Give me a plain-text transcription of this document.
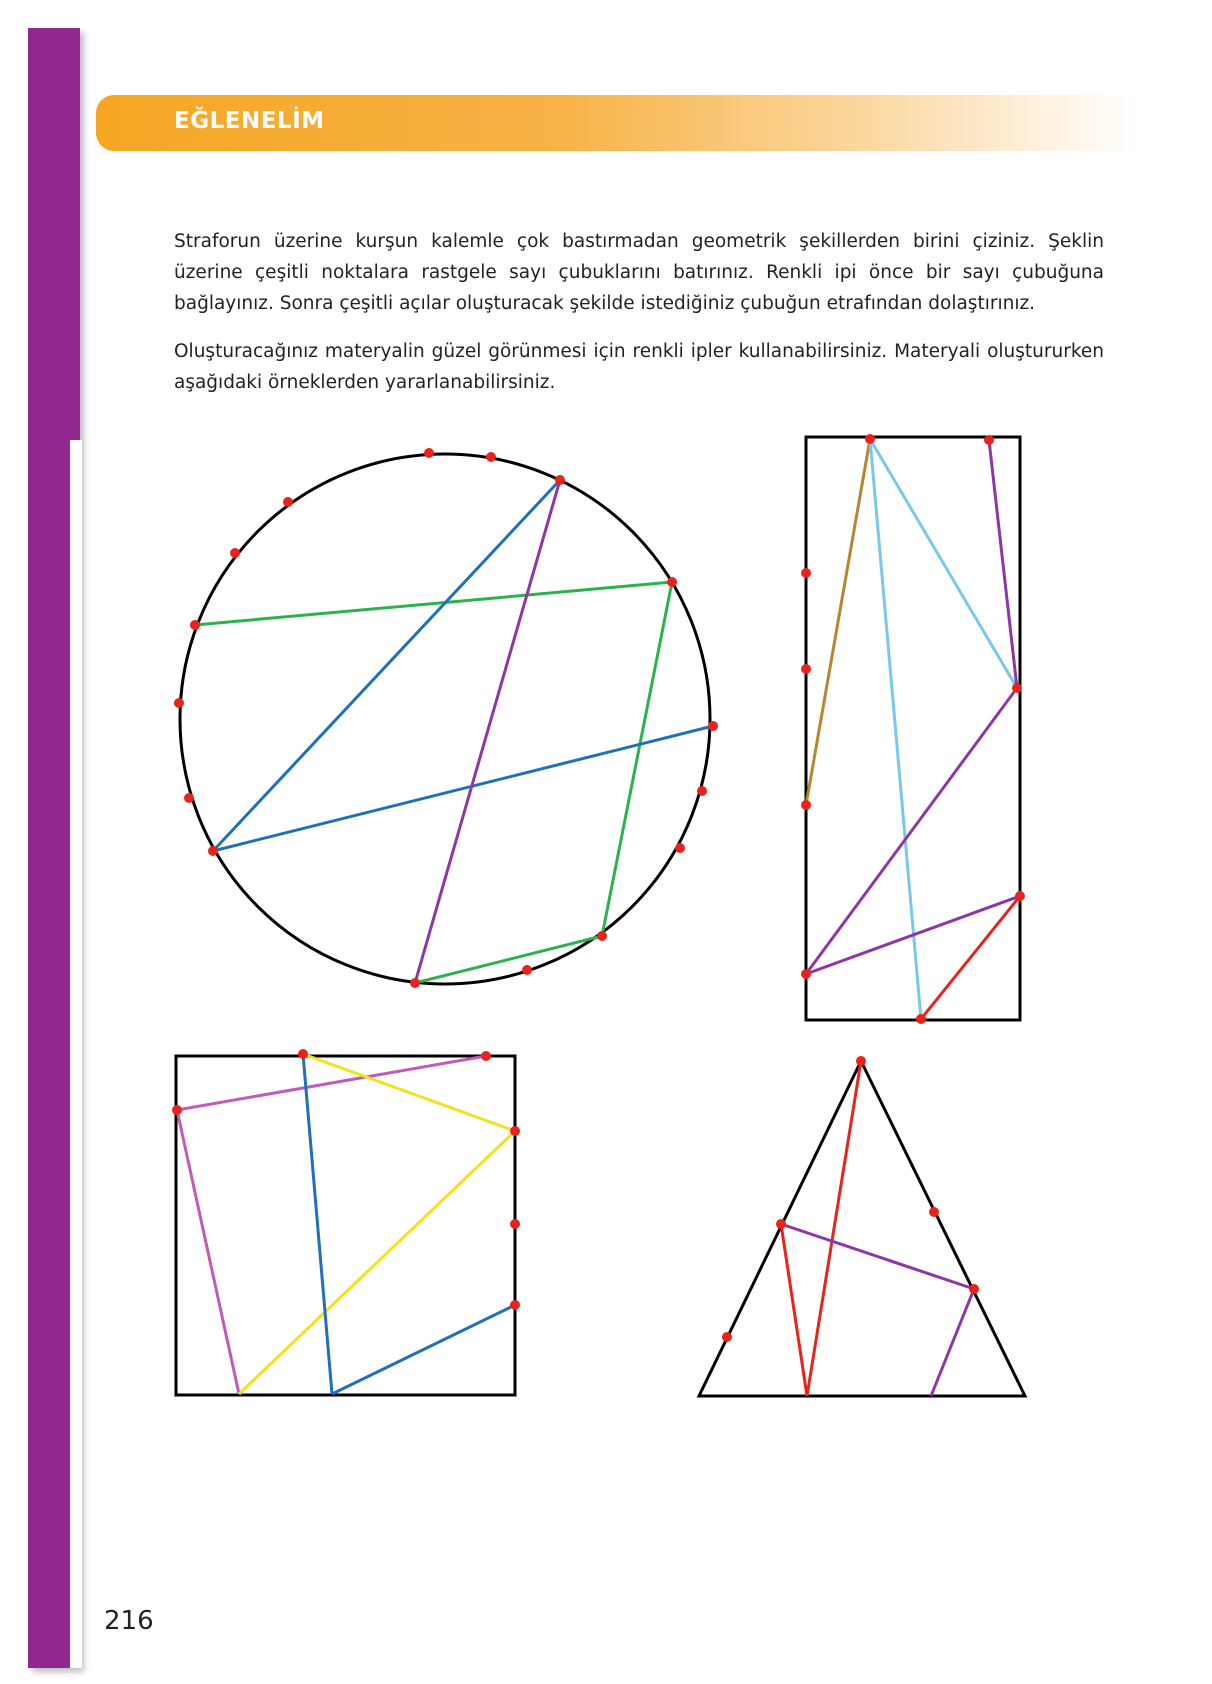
EĞLENELİM

Straforun üzerine kurşun kalemle çok bastırmadan geometrik şekillerden birini çiziniz. Şeklin üzerine çeşitli noktalara rastgele sayı çubuklarını batırınız. Renkli ipi önce bir sayı çubuğuna bağlayınız. Sonra çeşitli açılar oluşturacak şekilde istediğiniz çubuğun etrafından dolaştırınız.

Oluşturacağınız materyalin güzel görünmesi için renkli ipler kullanabilirsiniz. Materyali oluştururken aşağıdaki örneklerden yararlanabilirsiniz.

216
